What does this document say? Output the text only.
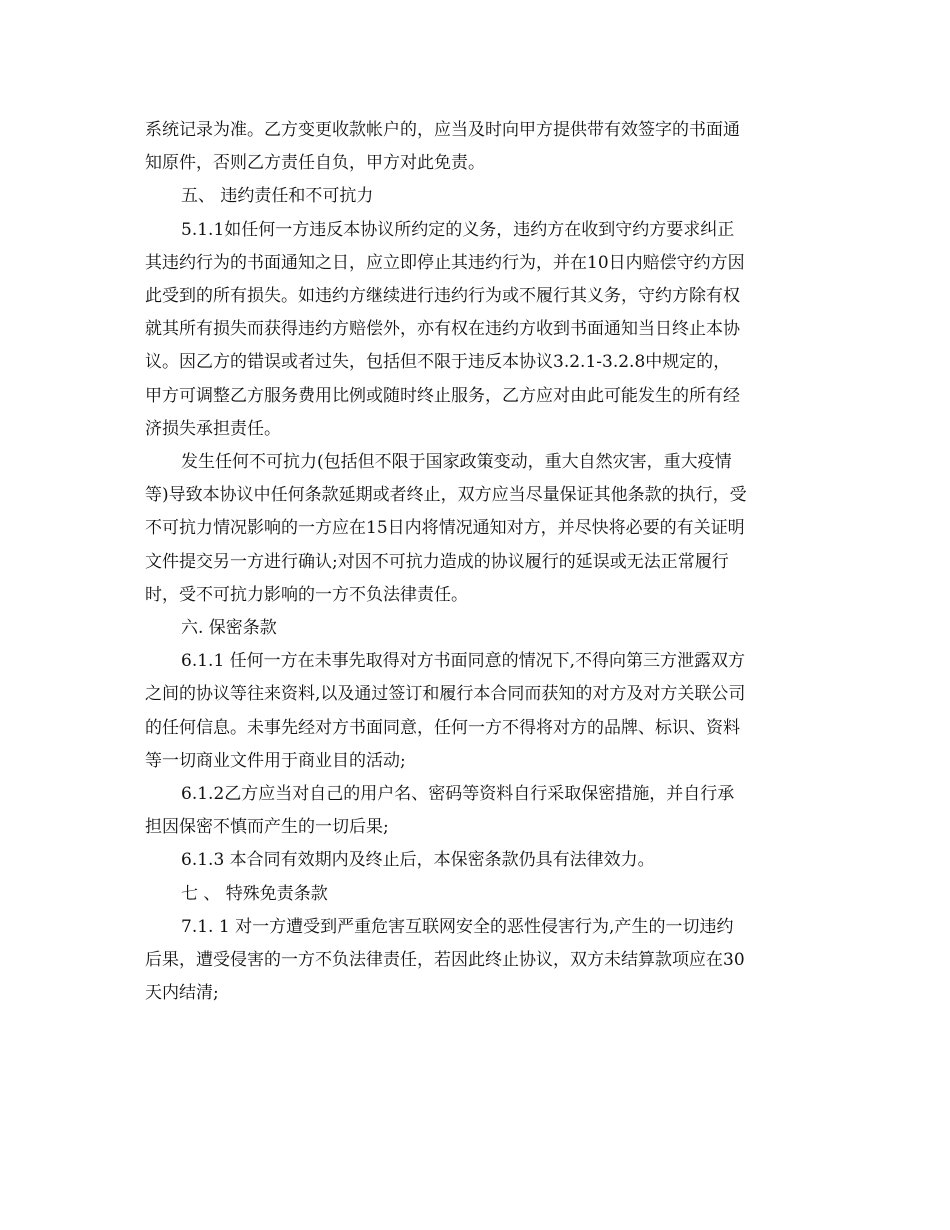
系统记录为准。乙方变更收款帐户的，应当及时向甲方提供带有效签字的书面通
知原件，否则乙方责任自负，甲方对此免责。

五、 违约责任和不可抗力

5.1.1如任何一方违反本协议所约定的义务，违约方在收到守约方要求纠正
其违约行为的书面通知之日，应立即停止其违约行为，并在10日内赔偿守约方因
此受到的所有损失。如违约方继续进行违约行为或不履行其义务，守约方除有权
就其所有损失而获得违约方赔偿外，亦有权在违约方收到书面通知当日终止本协
议。因乙方的错误或者过失，包括但不限于违反本协议3.2.1-3.2.8中规定的，
甲方可调整乙方服务费用比例或随时终止服务，乙方应对由此可能发生的所有经
济损失承担责任。

发生任何不可抗力(包括但不限于国家政策变动，重大自然灾害，重大疫情
等)导致本协议中任何条款延期或者终止，双方应当尽量保证其他条款的执行，受
不可抗力情况影响的一方应在15日内将情况通知对方，并尽快将必要的有关证明
文件提交另一方进行确认;对因不可抗力造成的协议履行的延误或无法正常履行
时，受不可抗力影响的一方不负法律责任。

六. 保密条款

6.1.1 任何一方在未事先取得对方书面同意的情况下,不得向第三方泄露双方
之间的协议等往来资料,以及通过签订和履行本合同而获知的对方及对方关联公司
的任何信息。未事先经对方书面同意，任何一方不得将对方的品牌、标识、资料
等一切商业文件用于商业目的活动;

6.1.2乙方应当对自己的用户名、密码等资料自行采取保密措施，并自行承
担因保密不慎而产生的一切后果;

6.1.3 本合同有效期内及终止后，本保密条款仍具有法律效力。

七 、 特殊免责条款

7.1. 1 对一方遭受到严重危害互联网安全的恶性侵害行为,产生的一切违约
后果，遭受侵害的一方不负法律责任，若因此终止协议，双方未结算款项应在30
天内结清;
